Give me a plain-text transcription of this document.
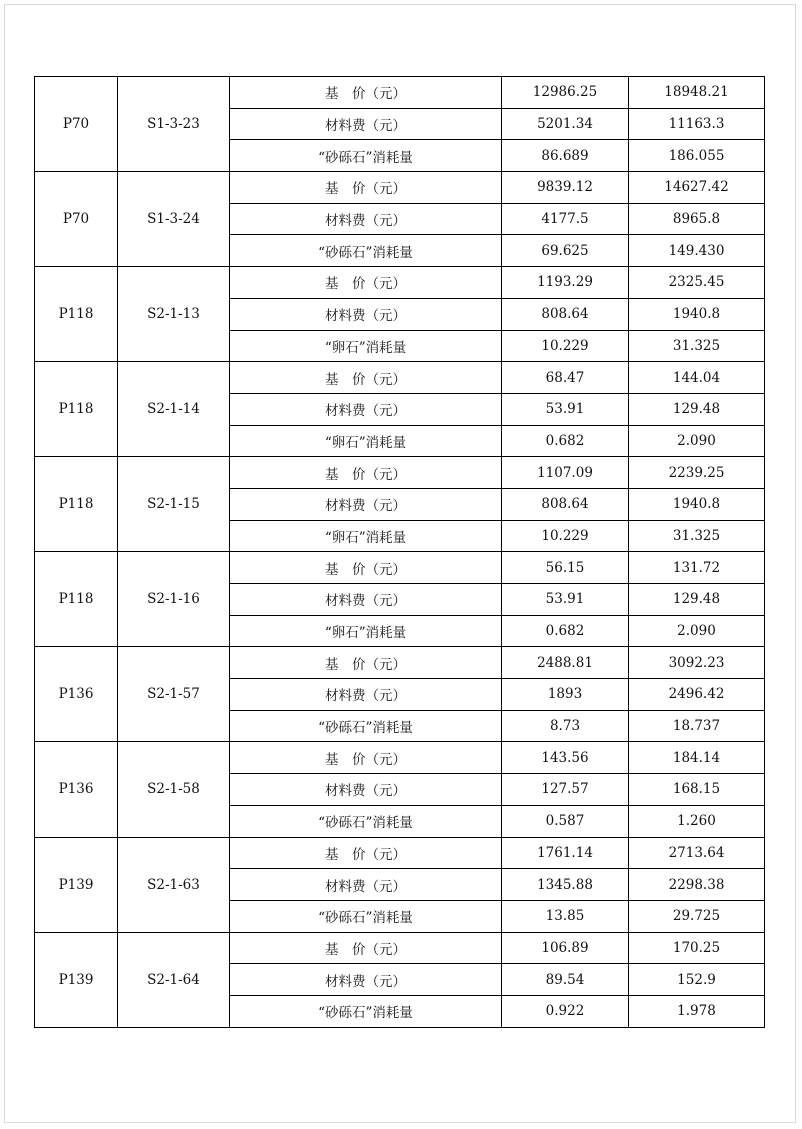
P70	S1-3-23	基　价（元）	12986.25	18948.21
		材料费（元）	5201.34	11163.3
		“砂砾石”消耗量	86.689	186.055
P70	S1-3-24	基　价（元）	9839.12	14627.42
		材料费（元）	4177.5	8965.8
		“砂砾石”消耗量	69.625	149.430
P118	S2-1-13	基　价（元）	1193.29	2325.45
		材料费（元）	808.64	1940.8
		“卵石”消耗量	10.229	31.325
P118	S2-1-14	基　价（元）	68.47	144.04
		材料费（元）	53.91	129.48
		“卵石”消耗量	0.682	2.090
P118	S2-1-15	基　价（元）	1107.09	2239.25
		材料费（元）	808.64	1940.8
		“卵石”消耗量	10.229	31.325
P118	S2-1-16	基　价（元）	56.15	131.72
		材料费（元）	53.91	129.48
		“卵石”消耗量	0.682	2.090
P136	S2-1-57	基　价（元）	2488.81	3092.23
		材料费（元）	1893	2496.42
		“砂砾石”消耗量	8.73	18.737
P136	S2-1-58	基　价（元）	143.56	184.14
		材料费（元）	127.57	168.15
		“砂砾石”消耗量	0.587	1.260
P139	S2-1-63	基　价（元）	1761.14	2713.64
		材料费（元）	1345.88	2298.38
		“砂砾石”消耗量	13.85	29.725
P139	S2-1-64	基　价（元）	106.89	170.25
		材料费（元）	89.54	152.9
		“砂砾石”消耗量	0.922	1.978
